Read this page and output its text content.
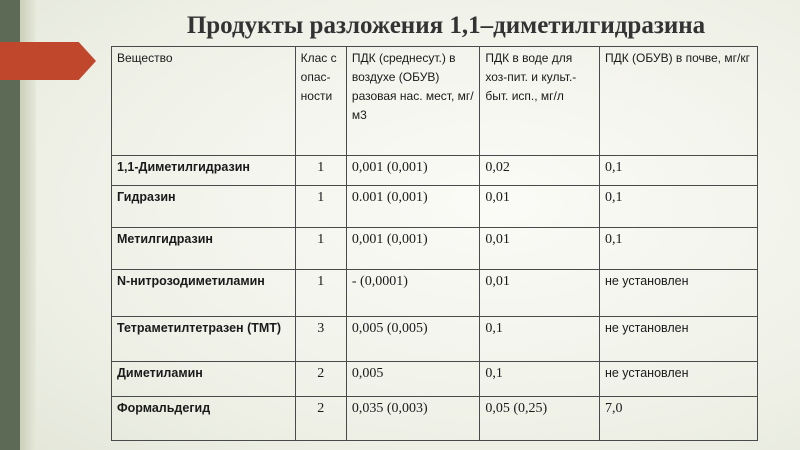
Продукты разложения 1,1–диметилгидразина
Вещество	Клас с опас-ности	ПДК (среднесут.) в воздухе (ОБУВ) разовая нас. мест, мг/м3	ПДК в воде для хоз-пит. и культ.-быт. исп., мг/л	ПДК (ОБУВ) в почве, мг/кг
1,1-Диметилгидразин	1	0,001 (0,001)	0,02	0,1
Гидразин	1	0.001 (0,001)	0,01	0,1
Метилгидразин	1	0,001 (0,001)	0,01	0,1
N-нитрозодиметиламин	1	- (0,0001)	0,01	не установлен
Тетраметилтетразен (ТМТ)	3	0,005 (0,005)	0,1	не установлен
Диметиламин	2	0,005	0,1	не установлен
Формальдегид	2	0,035 (0,003)	0,05 (0,25)	7,0
